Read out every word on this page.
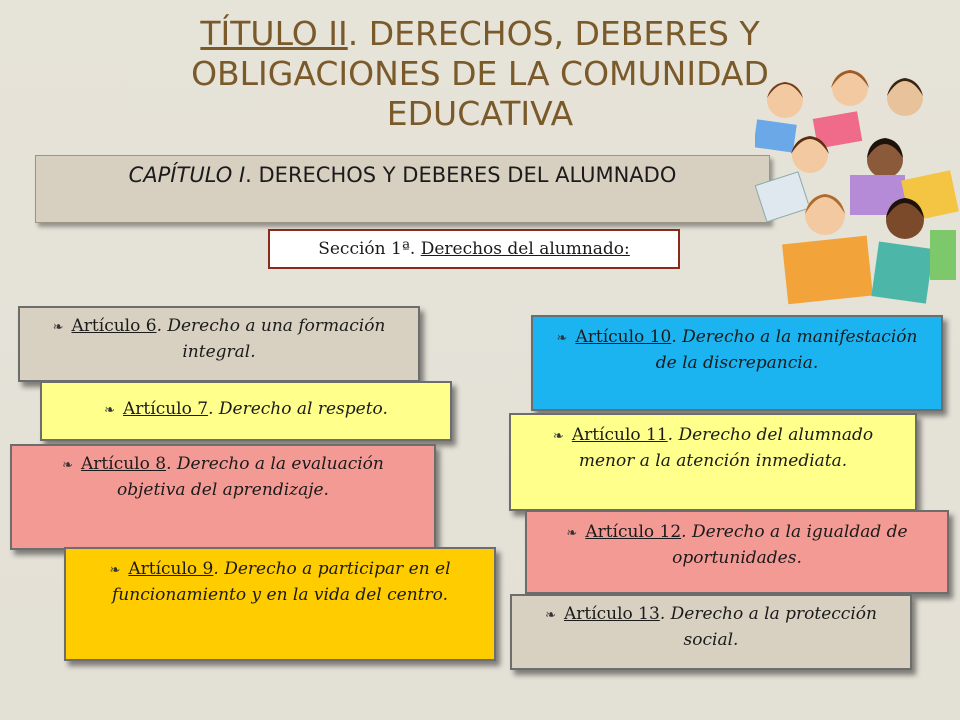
TÍTULO II. DERECHOS, DEBERES Y OBLIGACIONES DE LA COMUNIDAD EDUCATIVA
CAPÍTULO I. DERECHOS Y DEBERES DEL ALUMNADO
Sección 1ª. Derechos del alumnado:
❧ Artículo 6. Derecho a una formación integral.
❧ Artículo 7. Derecho al respeto.
❧ Artículo 8. Derecho a la evaluación objetiva del aprendizaje.
❧ Artículo 9. Derecho a participar en el funcionamiento y en la vida del centro.
❧ Artículo 10. Derecho a la manifestación de la discrepancia.
❧ Artículo 11. Derecho del alumnado menor a la atención inmediata.
❧ Artículo 12. Derecho a la igualdad de oportunidades.
❧ Artículo 13. Derecho a la protección social.
